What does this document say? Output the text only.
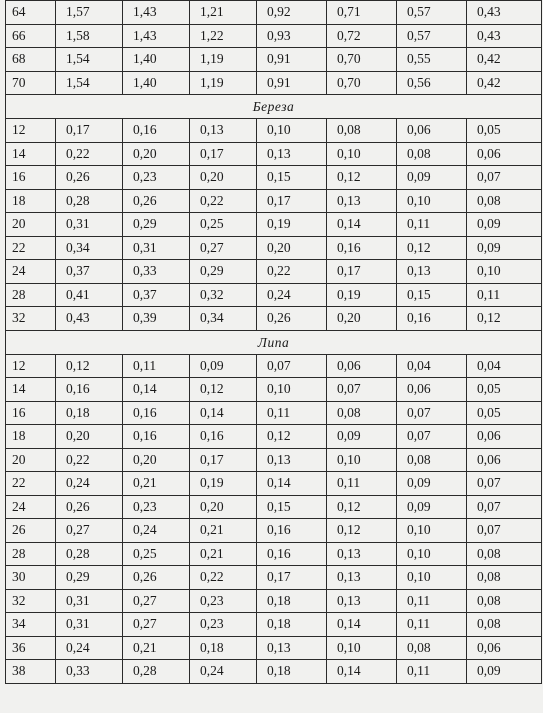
64	1,57	1,43	1,21	0,92	0,71	0,57	0,43
66	1,58	1,43	1,22	0,93	0,72	0,57	0,43
68	1,54	1,40	1,19	0,91	0,70	0,55	0,42
70	1,54	1,40	1,19	0,91	0,70	0,56	0,42
Береза							
12	0,17	0,16	0,13	0,10	0,08	0,06	0,05
14	0,22	0,20	0,17	0,13	0,10	0,08	0,06
16	0,26	0,23	0,20	0,15	0,12	0,09	0,07
18	0,28	0,26	0,22	0,17	0,13	0,10	0,08
20	0,31	0,29	0,25	0,19	0,14	0,11	0,09
22	0,34	0,31	0,27	0,20	0,16	0,12	0,09
24	0,37	0,33	0,29	0,22	0,17	0,13	0,10
28	0,41	0,37	0,32	0,24	0,19	0,15	0,11
32	0,43	0,39	0,34	0,26	0,20	0,16	0,12
Липа							
12	0,12	0,11	0,09	0,07	0,06	0,04	0,04
14	0,16	0,14	0,12	0,10	0,07	0,06	0,05
16	0,18	0,16	0,14	0,11	0,08	0,07	0,05
18	0,20	0,16	0,16	0,12	0,09	0,07	0,06
20	0,22	0,20	0,17	0,13	0,10	0,08	0,06
22	0,24	0,21	0,19	0,14	0,11	0,09	0,07
24	0,26	0,23	0,20	0,15	0,12	0,09	0,07
26	0,27	0,24	0,21	0,16	0,12	0,10	0,07
28	0,28	0,25	0,21	0,16	0,13	0,10	0,08
30	0,29	0,26	0,22	0,17	0,13	0,10	0,08
32	0,31	0,27	0,23	0,18	0,13	0,11	0,08
34	0,31	0,27	0,23	0,18	0,14	0,11	0,08
36	0,24	0,21	0,18	0,13	0,10	0,08	0,06
38	0,33	0,28	0,24	0,18	0,14	0,11	0,09
